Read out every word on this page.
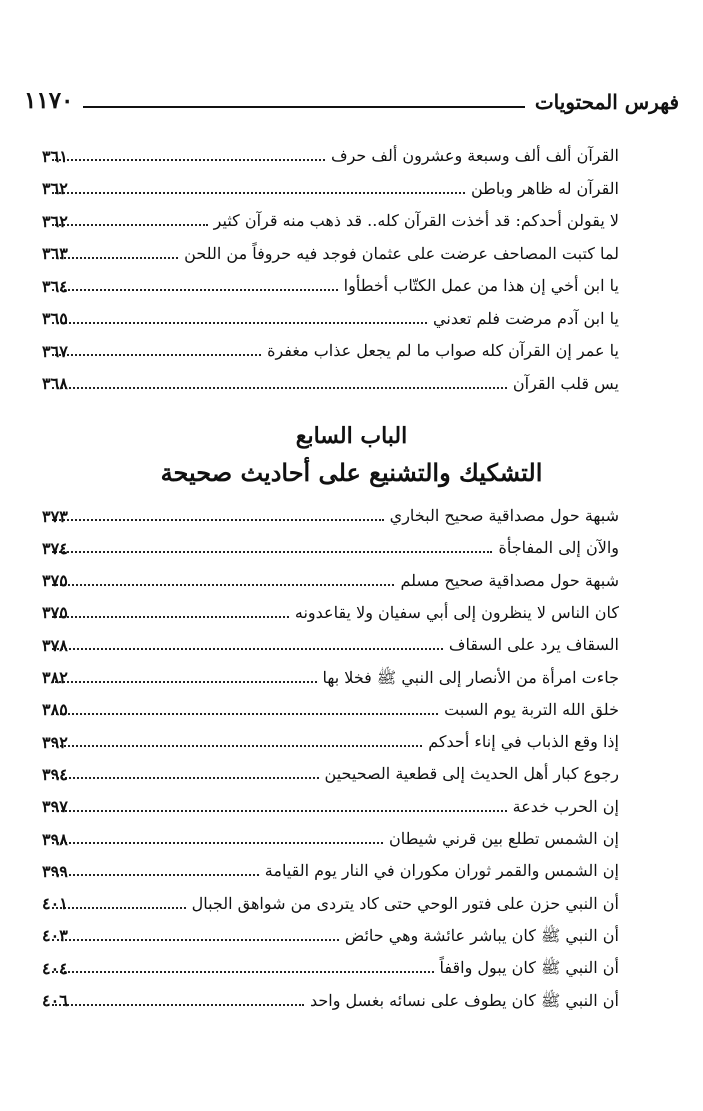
١١٧٠	فهرس المحتويات
القرآن ألف ألف وسبعة وعشرون ألف حرف
٣٦١
القرآن له ظاهر وباطن
٣٦٢
لا يقولن أحدكم: قد أخذت القرآن كله.. قد ذهب منه قرآن كثير
٣٦٢
لما كتبت المصاحف عرضت على عثمان فوجد فيه حروفاً من اللحن
٣٦٣
يا ابن أخي إن هذا من عمل الكتّاب أخطأوا
٣٦٤
يا ابن آدم مرضت فلم تعدني
٣٦٥
يا عمر إن القرآن كله صواب ما لم يجعل عذاب مغفرة
٣٦٧
يس قلب القرآن
٣٦٨
الباب السابع
التشكيك والتشنيع على أحاديث صحيحة
شبهة حول مصداقية صحيح البخاري
٣٧٣
والآن إلى المفاجأة
٣٧٤
شبهة حول مصداقية صحيح مسلم
٣٧٥
كان الناس لا ينظرون إلى أبي سفيان ولا يقاعدونه
٣٧٥
السقاف يرد على السقاف
٣٧٨
جاءت امرأة من الأنصار إلى النبي ﷺ فخلا بها
٣٨٢
خلق الله التربة يوم السبت
٣٨٥
إذا وقع الذباب في إناء أحدكم
٣٩٢
رجوع كبار أهل الحديث إلى قطعية الصحيحين
٣٩٤
إن الحرب خدعة
٣٩٧
إن الشمس تطلع بين قرني شيطان
٣٩٨
إن الشمس والقمر ثوران مكوران في النار يوم القيامة
٣٩٩
أن النبي حزن على فتور الوحي حتى كاد يتردى من شواهق الجبال
٤٠١
أن النبي ﷺ كان يباشر عائشة وهي حائض
٤٠٣
أن النبي ﷺ كان يبول واقفاً
٤٠٤
أن النبي ﷺ كان يطوف على نسائه بغسل واحد
٤٠٦
